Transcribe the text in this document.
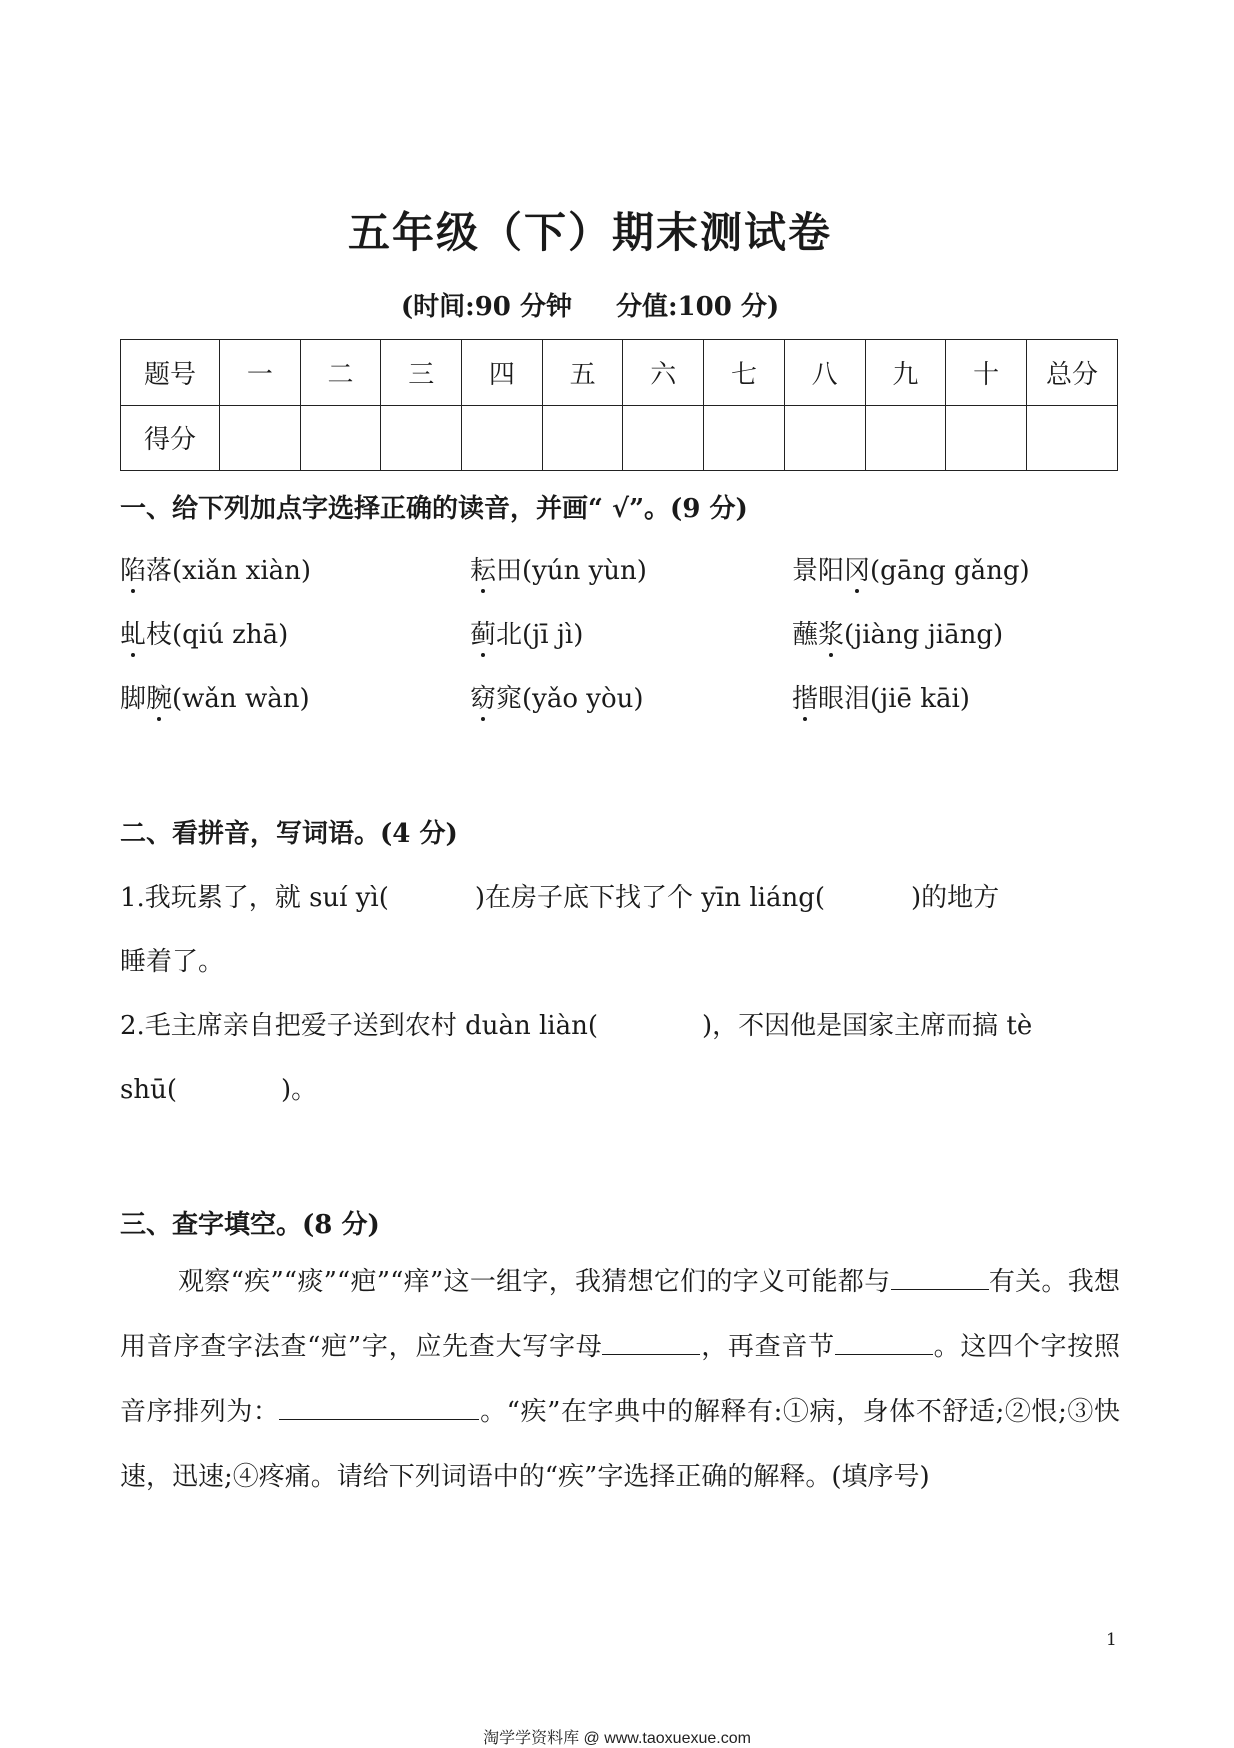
五年级（下）期末测试卷
(时间:90 分钟 分值:100 分)
题号	一	二	三	四	五	六	七	八	九	十	总分
得分											
一、给下列加点字选择正确的读音，并画“ √”。(9 分)
陷落(xiǎn xiàn)	耘田(yún yùn)	景阳冈(gāng gǎng)
虬枝(qiú zhā)	蓟北(jī jì)	蘸浆(jiàng jiāng)
脚腕(wǎn wàn)	窈窕(yǎo yòu)	揩眼泪(jiē kāi)
二、看拼音，写词语。(4 分)
1.我玩累了，就 suí yì(	)在房子底下找了个 yīn liáng(	)的地方
睡着了。
2.毛主席亲自把爱子送到农村 duàn liàn(	)，不因他是国家主席而搞 tè
shū(	)。
三、查字填空。(8 分)
观察“疾”“痰”“疤”“痒”这一组字，我猜想它们的字义可能都与	有关。我想用音序查字法查“疤”字，应先查大写字母	，再查音节	。这四个字按照音序排列为：	。“疾”在字典中的解释有:①病，身体不舒适;②恨;③快速，迅速;④疼痛。请给下列词语中的“疾”字选择正确的解释。(填序号)
1
淘学学资料库 @ www.taoxuexue.com
